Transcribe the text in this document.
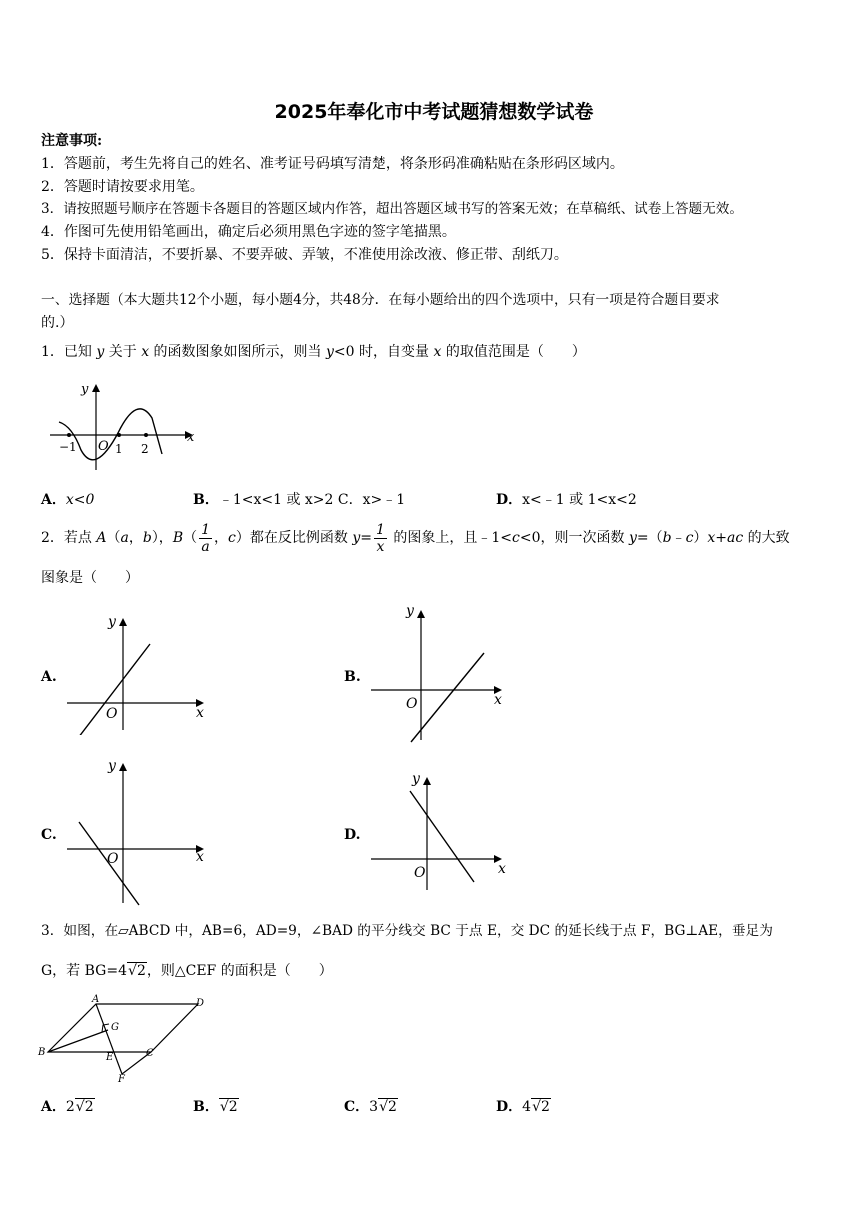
2025年奉化市中考试题猜想数学试卷
注意事项:
1．答题前，考生先将自己的姓名、准考证号码填写清楚，将条形码准确粘贴在条形码区域内。
2．答题时请按要求用笔。
3．请按照题号顺序在答题卡各题目的答题区域内作答，超出答题区域书写的答案无效；在草稿纸、试卷上答题无效。
4．作图可先使用铅笔画出，确定后必须用黑色字迹的签字笔描黑。
5．保持卡面清洁，不要折暴、不要弄破、弄皱，不准使用涂改液、修正带、刮纸刀。
一、选择题（本大题共12个小题，每小题4分，共48分．在每小题给出的四个选项中，只有一项是符合题目要求
的.）
1．已知 y 关于 x 的函数图象如图所示，则当 y<0 时，自变量 x 的取值范围是（　　）
y
x
O
−1	1 2
A．x<0	B．﹣1<x<1 或 x>2 C．x>﹣1	D．x<﹣1 或 1<x<2
2．若点 A（a，b），$B( \frac{1}{a}$ ，c）都在反比例函数 $y= \frac{1}{x}$ 的图象上，且﹣1<c<0，则一次函数 y=（b﹣c）x+ac 的大致
图象是（　　）
A.
y
x
O
B.
y
x
O
C.
y
x
O
D.
y
x
O
3．如图，在▱ABCD 中，AB=6，AD=9，∠BAD 的平分线交 BC 于点 E，交 DC 的延长线于点 F，BG⊥AE，垂足为
G，若 BG=4√2，则△CEF 的面积是（　　）
A	D
B	C
E
F
G
A．2√2	B．√2	C．3√2	D．4√2
